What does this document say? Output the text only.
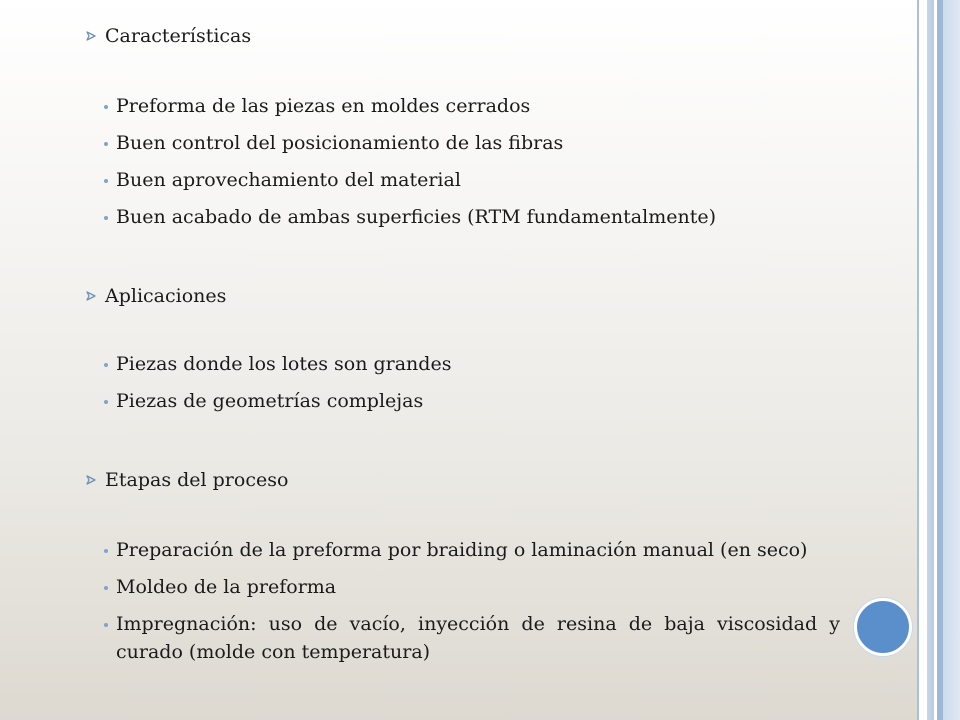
Características
Preforma de las piezas en moldes cerrados
Buen control del posicionamiento de las fibras
Buen aprovechamiento del material
Buen acabado de ambas superficies (RTM fundamentalmente)
Aplicaciones
Piezas donde los lotes son grandes
Piezas de geometrías complejas
Etapas del proceso
Preparación de la preforma por braiding o laminación manual (en seco)
Moldeo de la preforma
Impregnación: uso de vacío, inyección de resina de baja viscosidad y curado (molde con temperatura)
